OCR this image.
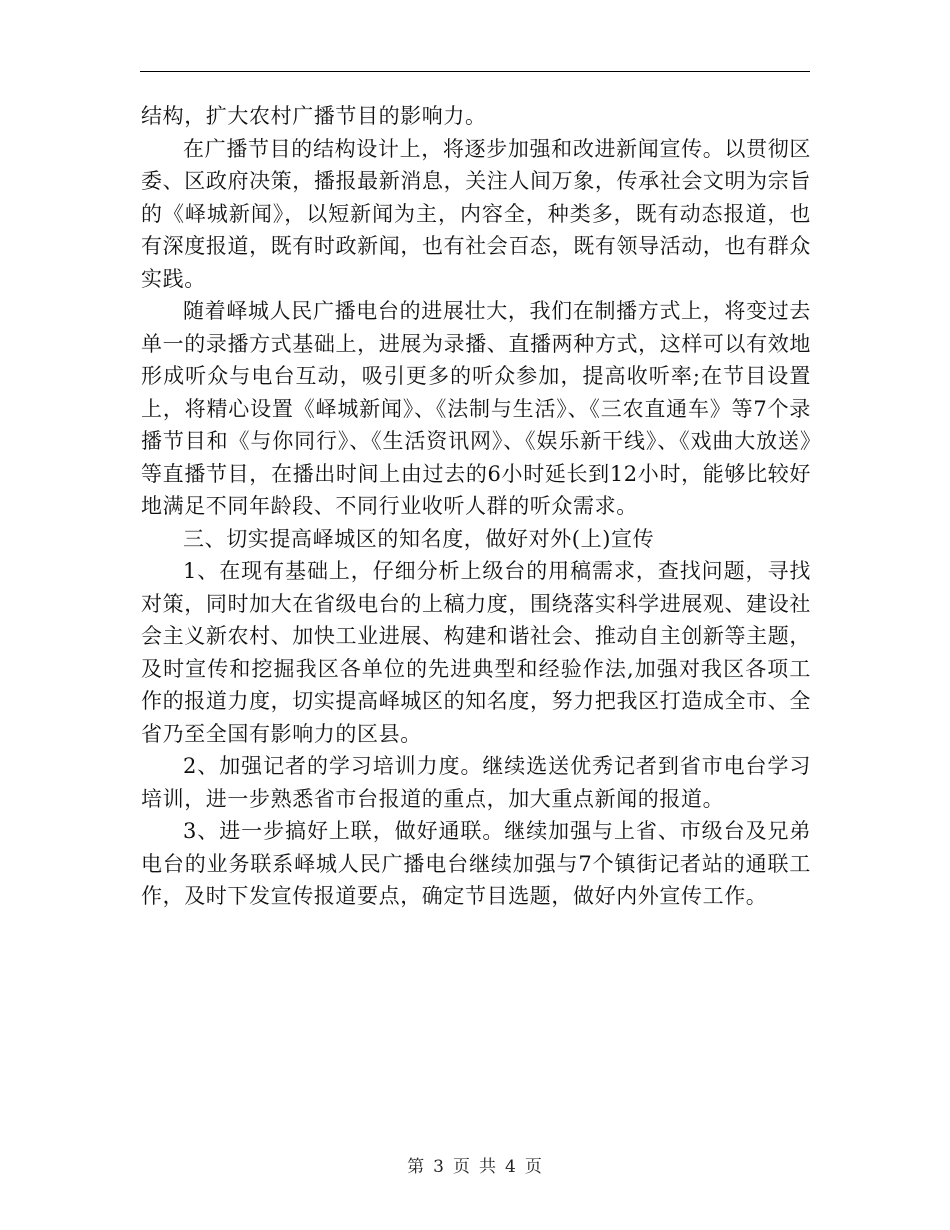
结构，扩大农村广播节目的影响力。

在广播节目的结构设计上，将逐步加强和改进新闻宣传。以贯彻区委、区政府决策，播报最新消息，关注人间万象，传承社会文明为宗旨的《峄城新闻》，以短新闻为主，内容全，种类多，既有动态报道，也有深度报道，既有时政新闻，也有社会百态，既有领导活动，也有群众实践。

随着峄城人民广播电台的进展壮大，我们在制播方式上，将变过去单一的录播方式基础上，进展为录播、直播两种方式，这样可以有效地形成听众与电台互动，吸引更多的听众参加，提高收听率;在节目设置上，将精心设置《峄城新闻》、《法制与生活》、《三农直通车》等7个录播节目和《与你同行》、《生活资讯网》、《娱乐新干线》、《戏曲大放送》等直播节目，在播出时间上由过去的6小时延长到12小时，能够比较好地满足不同年龄段、不同行业收听人群的听众需求。

三、切实提高峄城区的知名度，做好对外(上)宣传

1、在现有基础上，仔细分析上级台的用稿需求，查找问题，寻找对策，同时加大在省级电台的上稿力度，围绕落实科学进展观、建设社会主义新农村、加快工业进展、构建和谐社会、推动自主创新等主题，及时宣传和挖掘我区各单位的先进典型和经验作法,加强对我区各项工作的报道力度，切实提高峄城区的知名度，努力把我区打造成全市、全省乃至全国有影响力的区县。

2、加强记者的学习培训力度。继续选送优秀记者到省市电台学习培训，进一步熟悉省市台报道的重点，加大重点新闻的报道。

3、进一步搞好上联，做好通联。继续加强与上省、市级台及兄弟电台的业务联系峄城人民广播电台继续加强与7个镇街记者站的通联工作，及时下发宣传报道要点，确定节目选题，做好内外宣传工作。

第 3 页 共 4 页
